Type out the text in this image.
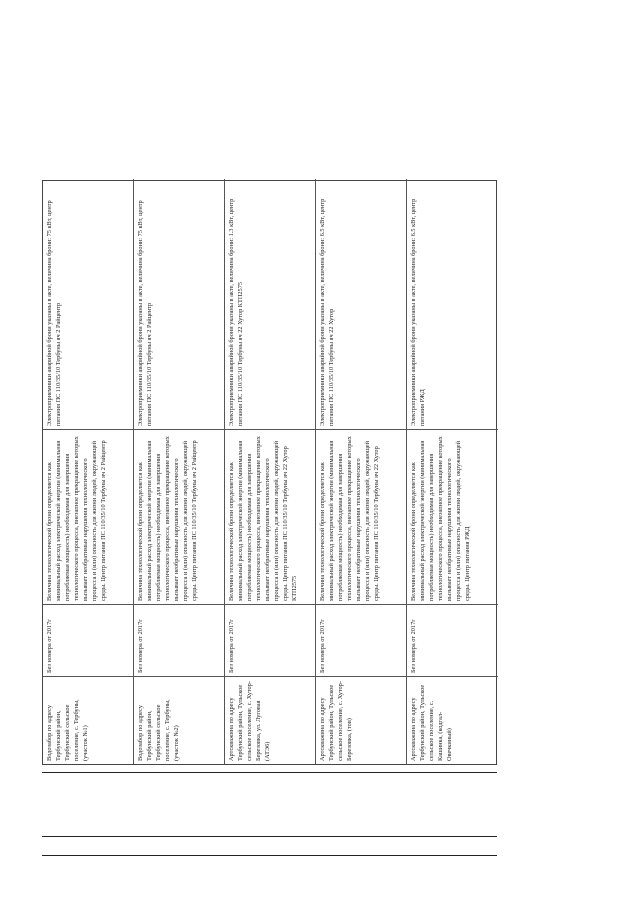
Водозабор по адресу Тербунский район, Тербунский сельское поселение, с. Тербуны, (участок №1)
Без номера от 2017г
Величина технологической брони определяется как минимальный расход электрической энергии (минимальная потребляемая мощность) необходимая для завершения технологического процесса, внезапное прекращение которых вызывает необратимые нарушения технологического процесса и (или) опасность для жизни людей, окружающей среды. Центр питания ПС 110/35/10 Тербуны яч 2 Райцентр
Электроприемники аварийной брони указаны в акте, величина брони: 75 кВт, центр питания ПС 110/35/10 Тербуны яч 2 Райцентр
Водозабор по адресу Тербунский район, Тербунский сельское поселение, с. Тербуны, (участок №2)
Без номера от 2017г
Величина технологической брони определяется как минимальный расход электрической энергии (минимальная потребляемая мощность) необходимая для завершения технологического процесса, внезапное прекращение которых вызывает необратимые нарушения технологического процесса и (или) опасность для жизни людей, окружающей среды. Центр питания ПС 110/35/10 Тербуны яч 2 Райцентр
Электроприемники аварийной брони указаны в акте, величина брони: 75 кВт, центр питания ПС 110/35/10 Тербуны яч 2 Райцентр
Артскважина по адресу Тербунский район, Тульское сельское поселение, с. Хутор-Березовка, ул. Луговая (АТЭ6)
Без номера от 2017г
Величина технологической брони определяется как минимальный расход электрической энергии (минимальная потребляемая мощность) необходимая для завершения технологического процесса, внезапное прекращение которых вызывает необратимые нарушения технологического процесса и (или) опасность для жизни людей, окружающей среды. Центр питания ПС 110/35/10 Тербуны яч 22 Хутор КТП2575
Электроприемники аварийной брони указаны в акте, величина брони: 1.3 кВт, центр питания ПС 110/35/10 Тербуны яч 22 Хутор КТП2575
Артскважина по адресу Тербунский район, Тульское сельское поселение, с. Хутор-Березовка, (тов)
Без номера от 2017г
Величина технологической брони определяется как минимальный расход электрической энергии (минимальная потребляемая мощность) необходимая для завершения технологического процесса, внезапное прекращение которых вызывает необратимые нарушения технологического процесса и (или) опасность для жизни людей, окружающей среды. Центр питания ПС 110/35/10 Тербуны яч 22 Хутор
Электроприемники аварийной брони указаны в акте, величина брони: 6.5 кВт, центр питания ПС 110/35/10 Тербуны яч 22 Хутор
Артскважина по адресу Тербунский район, Тульское сельское поселение, с. Кашинка, (кодгал-Овечкиный)
Без номера от 2017г
Величина технологической брони определяется как минимальный расход электрической энергии (минимальная потребляемая мощность) необходимая для завершения технологического процесса, внезапное прекращение которых вызывает необратимые нарушения технологического процесса и (или) опасность для жизни людей, окружающей среды. Центр питания РЖД
Электроприемники аварийной брони указаны в акте, величина брони: 6.5 кВт, центр питания РЖД
